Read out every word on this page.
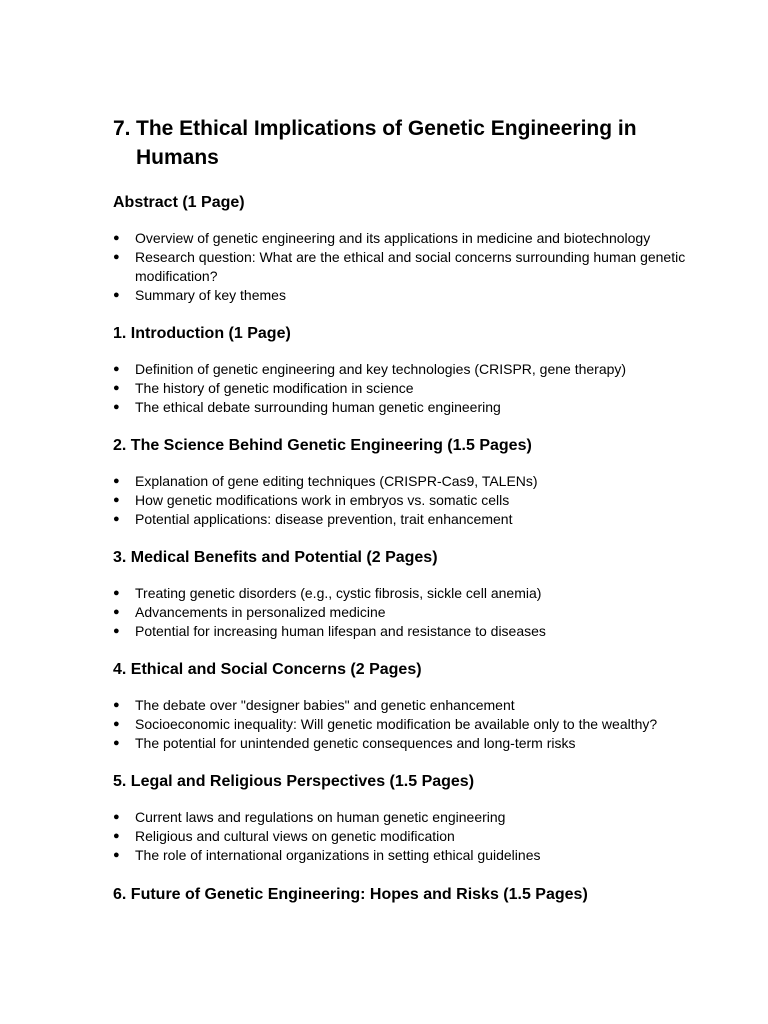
7. The Ethical Implications of Genetic Engineering in Humans
Abstract (1 Page)
● Overview of genetic engineering and its applications in medicine and biotechnology
● Research question: What are the ethical and social concerns surrounding human genetic modification?
● Summary of key themes
1. Introduction (1 Page)
● Definition of genetic engineering and key technologies (CRISPR, gene therapy)
● The history of genetic modification in science
● The ethical debate surrounding human genetic engineering
2. The Science Behind Genetic Engineering (1.5 Pages)
● Explanation of gene editing techniques (CRISPR-Cas9, TALENs)
● How genetic modifications work in embryos vs. somatic cells
● Potential applications: disease prevention, trait enhancement
3. Medical Benefits and Potential (2 Pages)
● Treating genetic disorders (e.g., cystic fibrosis, sickle cell anemia)
● Advancements in personalized medicine
● Potential for increasing human lifespan and resistance to diseases
4. Ethical and Social Concerns (2 Pages)
● The debate over "designer babies" and genetic enhancement
● Socioeconomic inequality: Will genetic modification be available only to the wealthy?
● The potential for unintended genetic consequences and long-term risks
5. Legal and Religious Perspectives (1.5 Pages)
● Current laws and regulations on human genetic engineering
● Religious and cultural views on genetic modification
● The role of international organizations in setting ethical guidelines
6. Future of Genetic Engineering: Hopes and Risks (1.5 Pages)
